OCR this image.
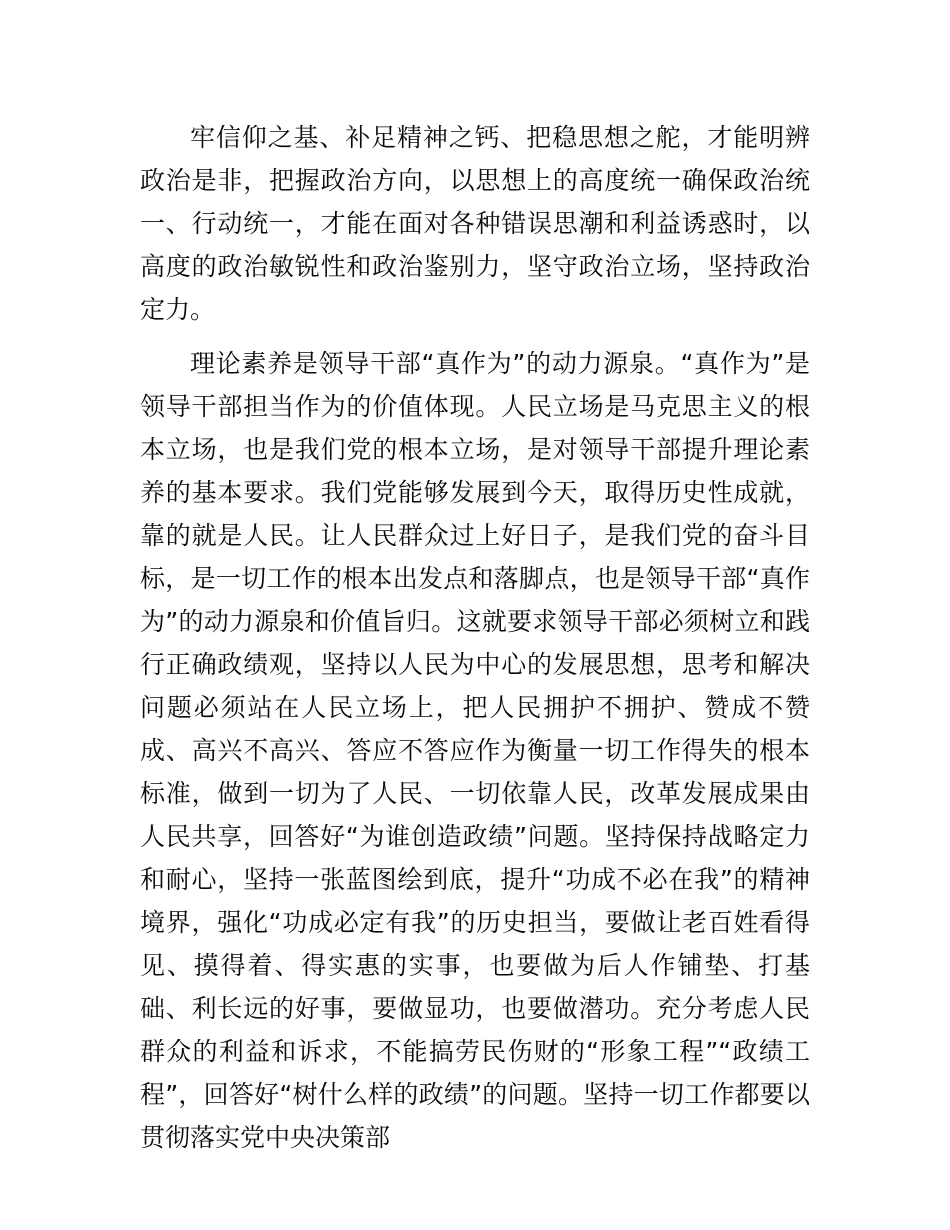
牢信仰之基、补足精神之钙、把稳思想之舵，才能明辨政治是非，把握政治方向，以思想上的高度统一确保政治统一、行动统一，才能在面对各种错误思潮和利益诱惑时，以高度的政治敏锐性和政治鉴别力，坚守政治立场，坚持政治定力。

理论素养是领导干部“真作为”的动力源泉。“真作为”是领导干部担当作为的价值体现。人民立场是马克思主义的根本立场，也是我们党的根本立场，是对领导干部提升理论素养的基本要求。我们党能够发展到今天，取得历史性成就，靠的就是人民。让人民群众过上好日子，是我们党的奋斗目标，是一切工作的根本出发点和落脚点，也是领导干部“真作为”的动力源泉和价值旨归。这就要求领导干部必须树立和践行正确政绩观，坚持以人民为中心的发展思想，思考和解决问题必须站在人民立场上，把人民拥护不拥护、赞成不赞成、高兴不高兴、答应不答应作为衡量一切工作得失的根本标准，做到一切为了人民、一切依靠人民，改革发展成果由人民共享，回答好“为谁创造政绩”问题。坚持保持战略定力和耐心，坚持一张蓝图绘到底，提升“功成不必在我”的精神境界，强化“功成必定有我”的历史担当，要做让老百姓看得见、摸得着、得实惠的实事，也要做为后人作铺垫、打基础、利长远的好事，要做显功，也要做潜功。充分考虑人民群众的利益和诉求，不能搞劳民伤财的“形象工程”“政绩工程”，回答好“树什么样的政绩”的问题。坚持一切工作都要以贯彻落实党中央决策部
